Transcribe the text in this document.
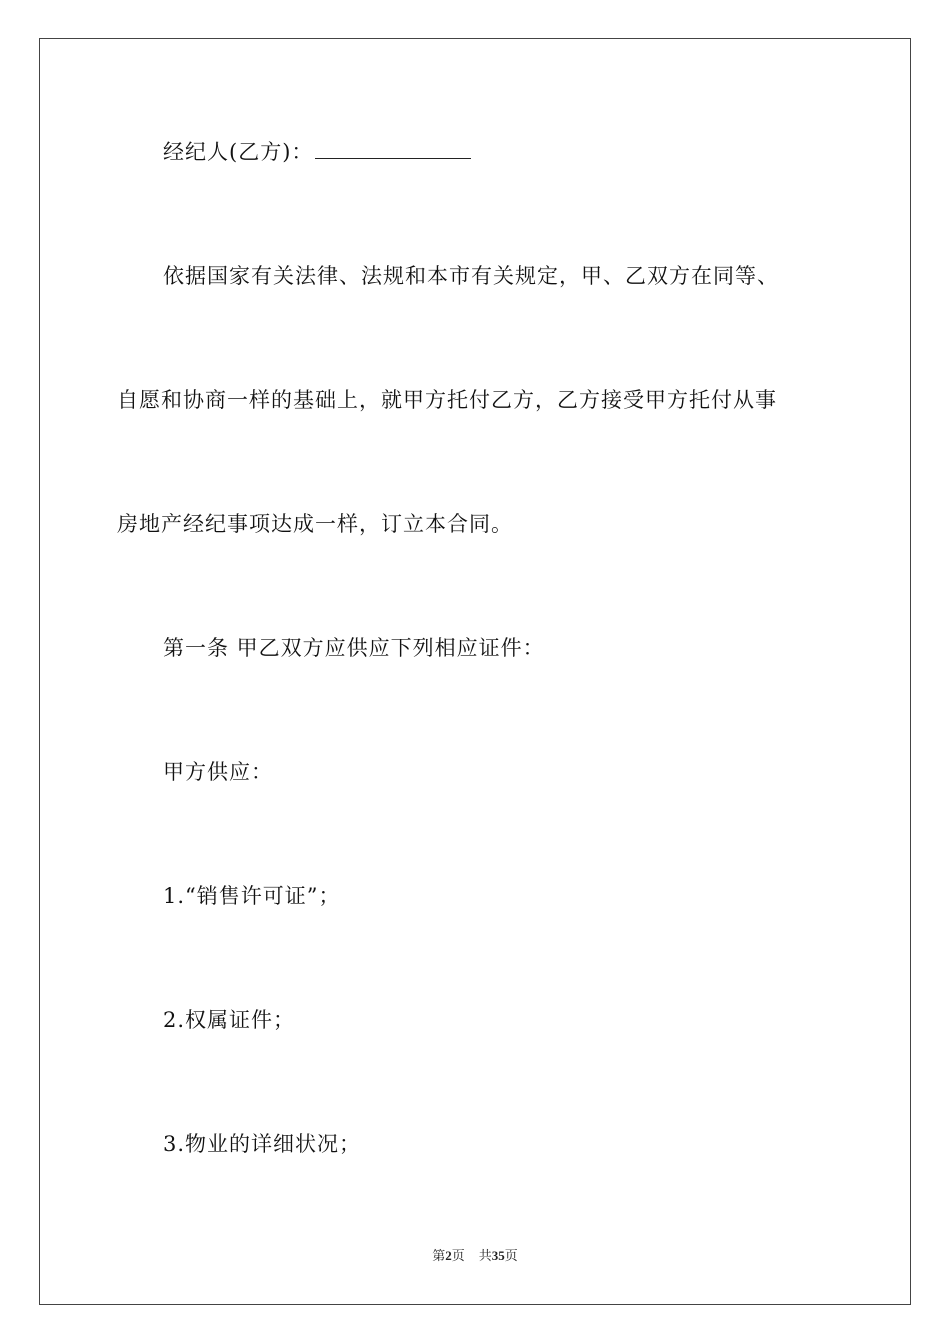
经纪人(乙方)：
依据国家有关法律、法规和本市有关规定，甲、乙双方在同等、
自愿和协商一样的基础上，就甲方托付乙方，乙方接受甲方托付从事
房地产经纪事项达成一样，订立本合同。
第一条 甲乙双方应供应下列相应证件：
甲方供应：
1.“销售许可证”；
2.权属证件；
3.物业的详细状况；
第2页 共35页
